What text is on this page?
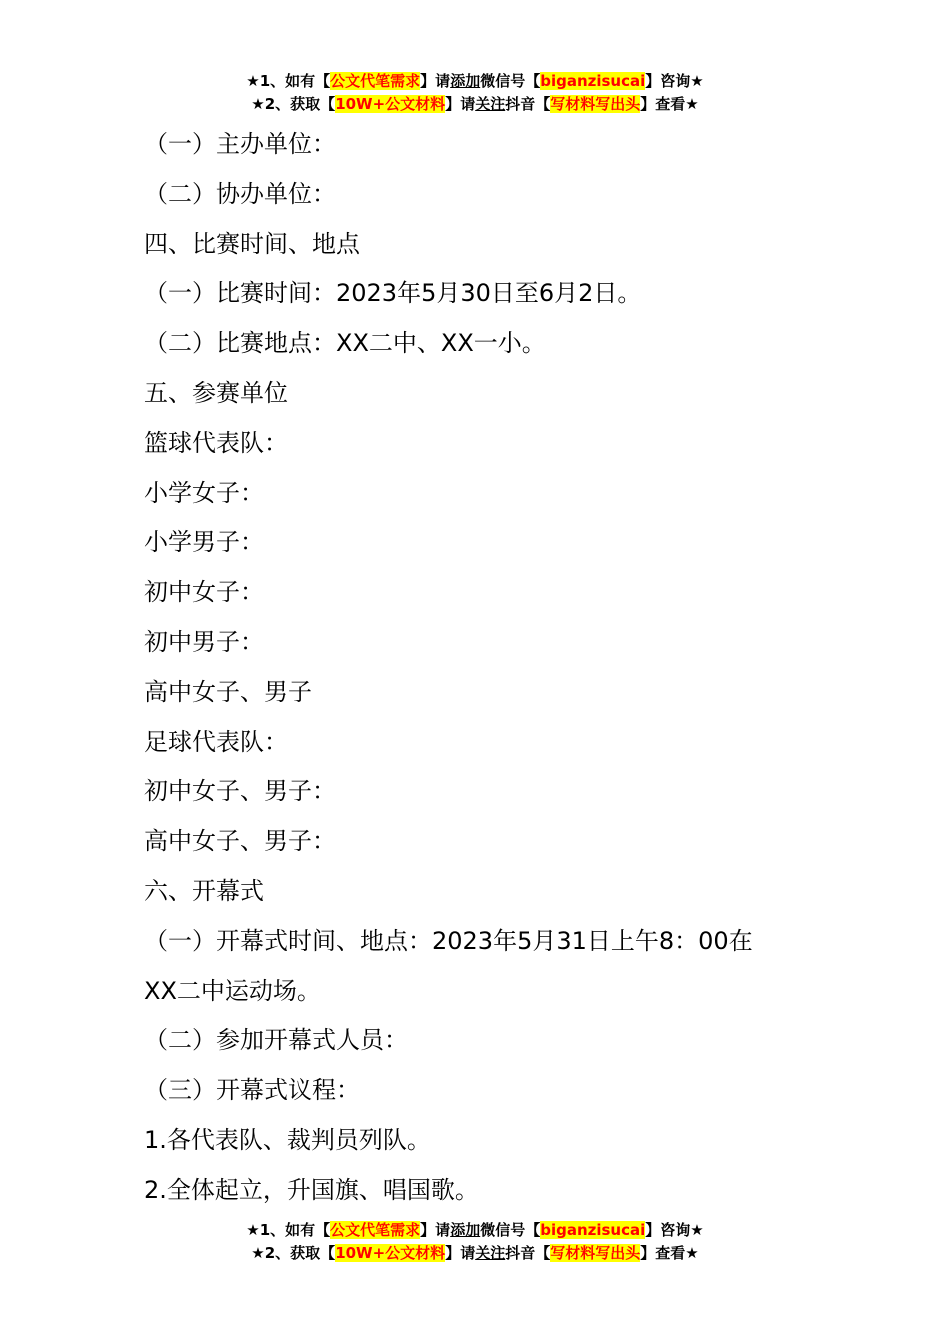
★1、如有【公文代笔需求】请添加微信号【biganzisucai】咨询★
★2、获取【10W+公文材料】请关注抖音【写材料写出头】查看★
（一）主办单位：
（二）协办单位：
四、比赛时间、地点
（一）比赛时间：2023年5月30日至6月2日。
（二）比赛地点：XX二中、XX一小。
五、参赛单位
篮球代表队：
小学女子：
小学男子：
初中女子：
初中男子：
高中女子、男子
足球代表队：
初中女子、男子：
高中女子、男子：
六、开幕式
（一）开幕式时间、地点：2023年5月31日上午8：00在
XX二中运动场。
（二）参加开幕式人员：
（三）开幕式议程：
1.各代表队、裁判员列队。
2.全体起立，升国旗、唱国歌。
★1、如有【公文代笔需求】请添加微信号【biganzisucai】咨询★
★2、获取【10W+公文材料】请关注抖音【写材料写出头】查看★
